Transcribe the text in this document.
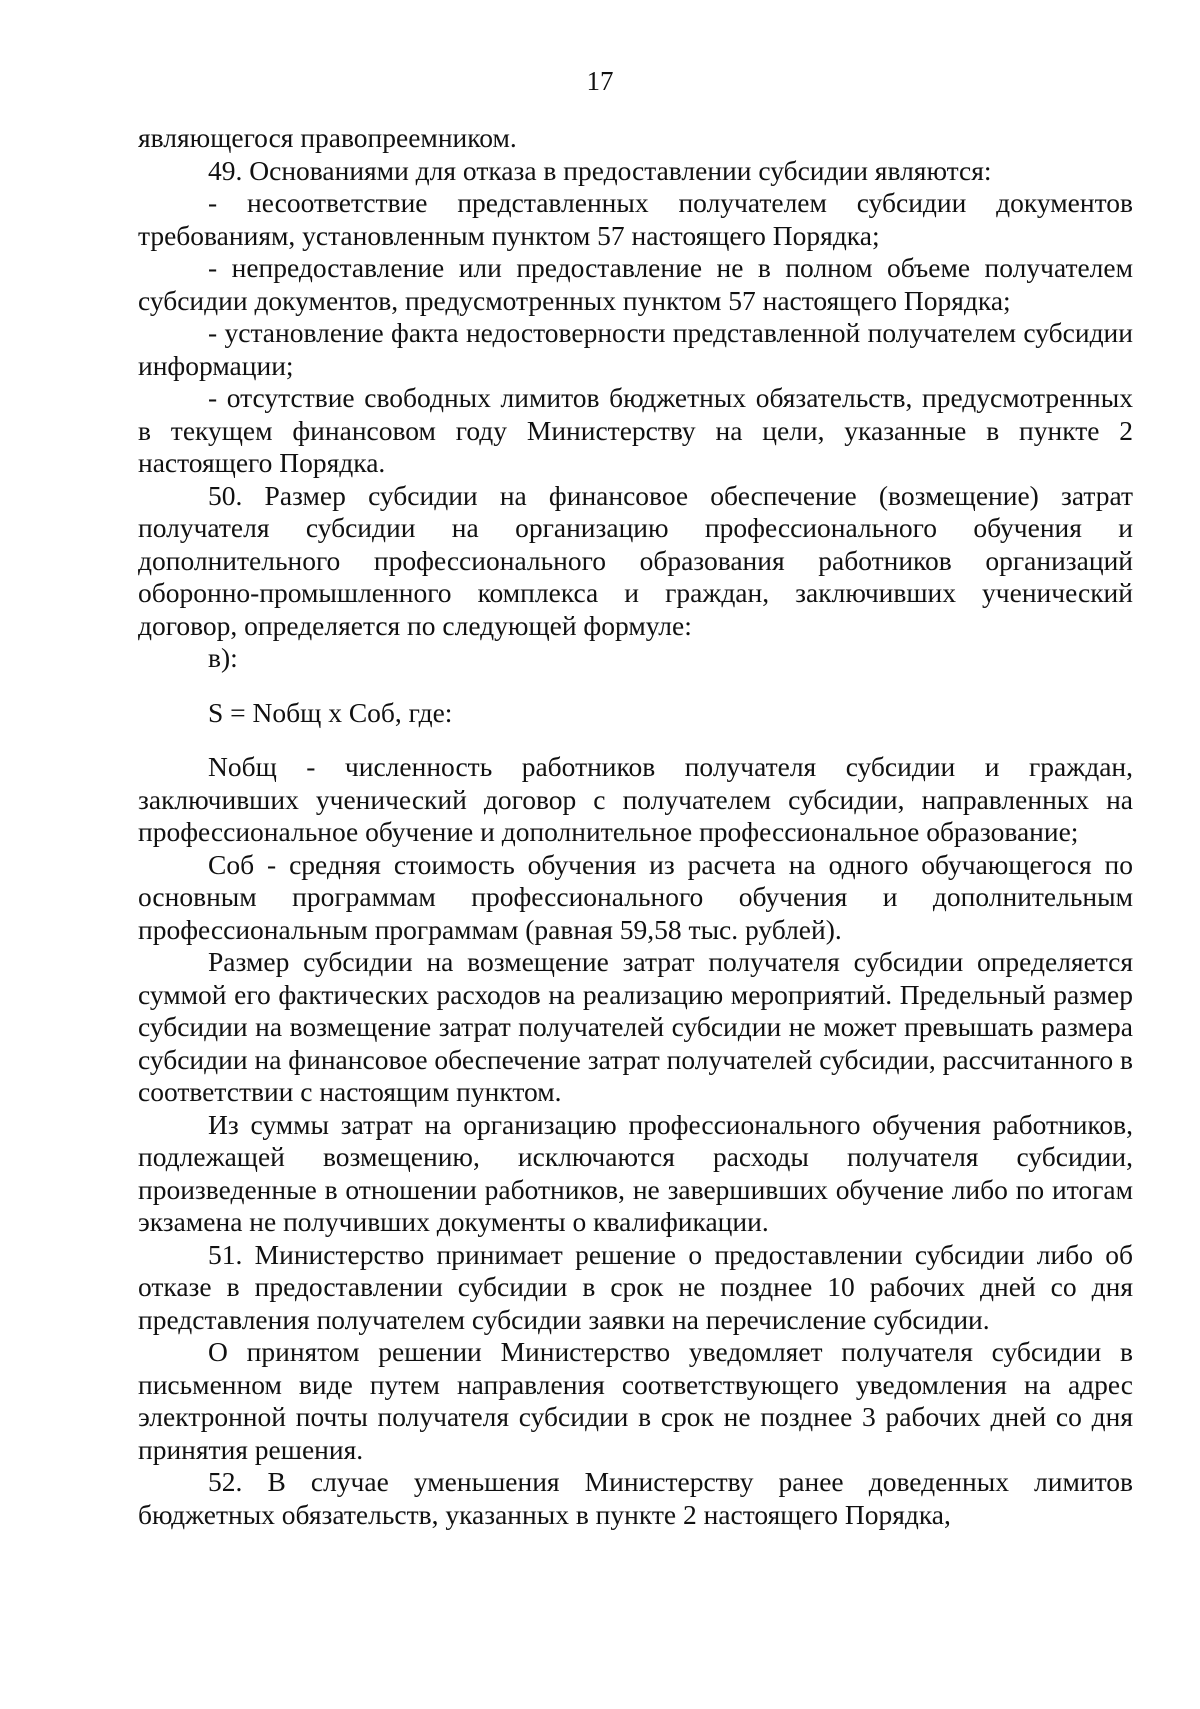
17

являющегося правопреемником.

49. Основаниями для отказа в предоставлении субсидии являются:

- несоответствие представленных получателем субсидии документов требованиям, установленным пунктом 57 настоящего Порядка;

- непредоставление или предоставление не в полном объеме получателем субсидии документов, предусмотренных пунктом 57 настоящего Порядка;

- установление факта недостоверности представленной получателем субсидии информации;

- отсутствие свободных лимитов бюджетных обязательств, предусмотренных в текущем финансовом году Министерству на цели, указанные в пункте 2 настоящего Порядка.

50. Размер субсидии на финансовое обеспечение (возмещение) затрат получателя субсидии на организацию профессионального обучения и дополнительного профессионального образования работников организаций оборонно-промышленного комплекса и граждан, заключивших ученический договор, определяется по следующей формуле:

в):

S = Nобщ х Соб, где:

Nобщ - численность работников получателя субсидии и граждан, заключивших ученический договор с получателем субсидии, направленных на профессиональное обучение и дополнительное профессиональное образование;

Соб - средняя стоимость обучения из расчета на одного обучающегося по основным программам профессионального обучения и дополнительным профессиональным программам (равная 59,58 тыс. рублей).

Размер субсидии на возмещение затрат получателя субсидии определяется суммой его фактических расходов на реализацию мероприятий. Предельный размер субсидии на возмещение затрат получателей субсидии не может превышать размера субсидии на финансовое обеспечение затрат получателей субсидии, рассчитанного в соответствии с настоящим пунктом.

Из суммы затрат на организацию профессионального обучения работников, подлежащей возмещению, исключаются расходы получателя субсидии, произведенные в отношении работников, не завершивших обучение либо по итогам экзамена не получивших документы о квалификации.

51. Министерство принимает решение о предоставлении субсидии либо об отказе в предоставлении субсидии в срок не позднее 10 рабочих дней со дня представления получателем субсидии заявки на перечисление субсидии.

О принятом решении Министерство уведомляет получателя субсидии в письменном виде путем направления соответствующего уведомления на адрес электронной почты получателя субсидии в срок не позднее 3 рабочих дней со дня принятия решения.

52. В случае уменьшения Министерству ранее доведенных лимитов бюджетных обязательств, указанных в пункте 2 настоящего Порядка,
